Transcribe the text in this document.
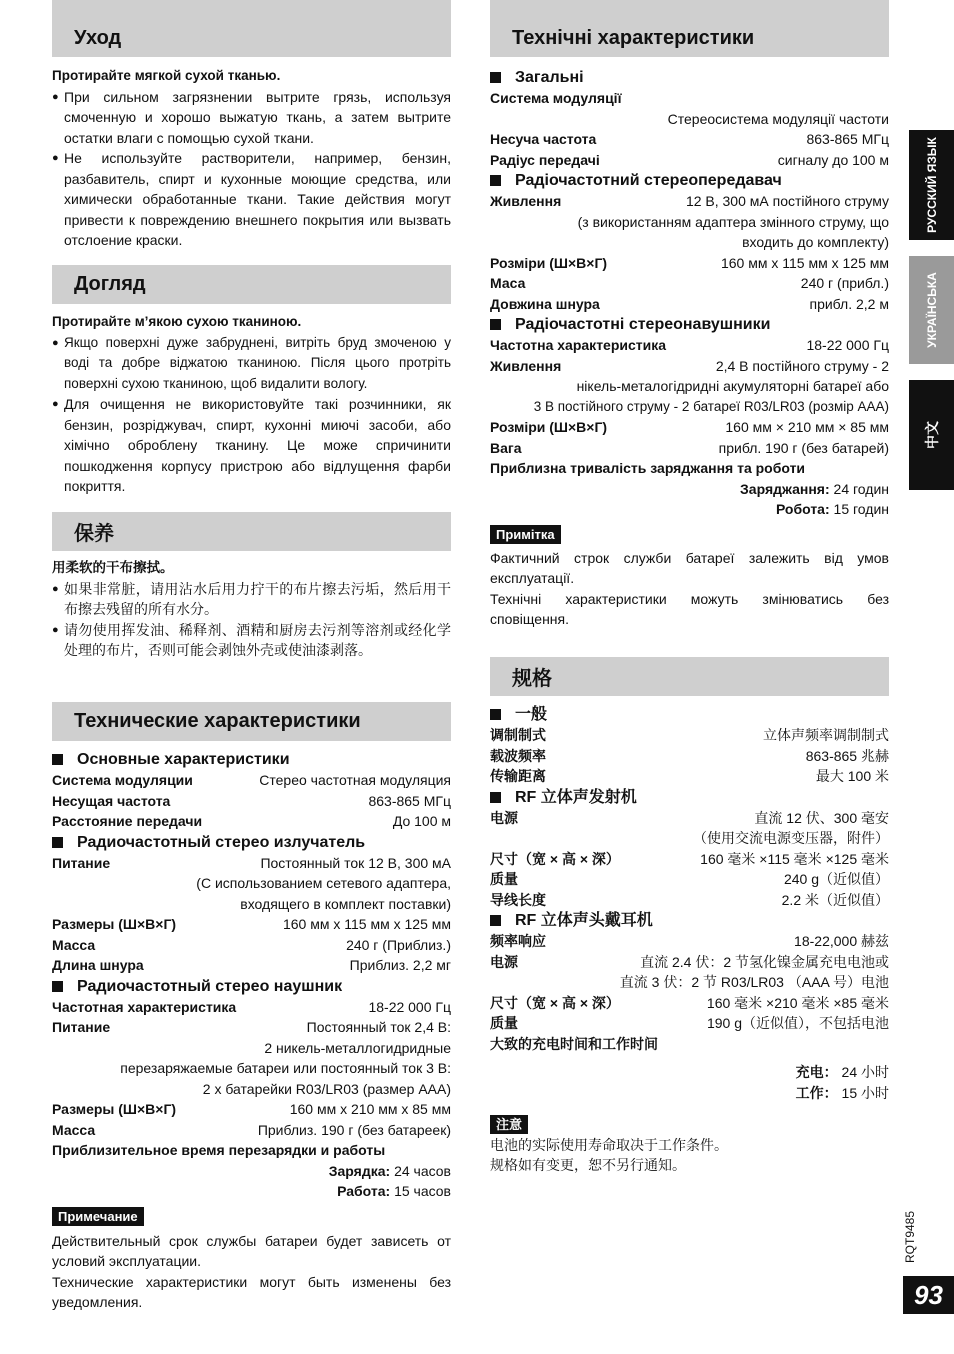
Уход
Протирайте мягкой сухой тканью.
● При сильном загрязнении вытрите грязь, используя смоченную и хорошо выжатую ткань, а затем вытрите остатки влаги с помощью сухой ткани.
● Не используйте растворители, например, бензин, разбавитель, спирт и кухонные моющие средства, или химически обработанные ткани. Такие действия могут привести к повреждению внешнего покрытия или вызвать отслоение краски.
Догляд
Протирайте м’якою сухою тканиною.
● Якщо поверхні дуже забруднені, витріть бруд змоченою у воді та добре віджатою тканиною. Після цього протріть поверхні сухою тканиною, щоб видалити вологу.
● Для очищення не використовуйте такі розчинники, як бензин, розріджувач, спирт, кухонні миючі засоби, або хімічно оброблену тканину. Це може спричинити пошкодження корпусу пристрою або відлущення фарби покриття.
保养
用柔软的干布擦拭。
● 如果非常脏，请用沾水后用力拧干的布片擦去污垢，然后用干布擦去残留的所有水分。
● 请勿使用挥发油、稀释剂、酒精和厨房去污剂等溶剂或经化学处理的布片，否则可能会剥蚀外壳或使油漆剥落。
Технические характеристики
Основные характеристики
Система модуляции	Стерео частотная модуляция
Несущая частота	863-865 МГц
Расстояние передачи	До 100 м
Радиочастотный стерео излучатель
Питание	Постоянный ток 12 В, 300 мА
(С использованием сетевого адаптера,
входящего в комплект поставки)
Размеры (Ш×В×Г)	160 мм x 115 мм x 125 мм
Масса	240 г (Приблиз.)
Длина шнура	Приблиз. 2,2 мг
Радиочастотный стерео наушник
Частотная характеристика	18-22 000 Гц
Питание	Постоянный ток 2,4 В:
2 никель-металлогидридные
перезаряжаемые батареи или постоянный ток 3 В:
2 х батарейки R03/LR03 (размер AAA)
Размеры (Ш×В×Г)	160 мм x 210 мм x 85 мм
Масса	Приблиз. 190 г (без батареек)
Приблизительное время перезарядки и работы
Зарядка: 24 часов
Работа: 15 часов
Примечание
Действительный срок службы батареи будет зависеть от условий эксплуатации.
Технические характеристики могут быть изменены без уведомления.
Технічні характеристики
Загальні
Система модуляції
Стереосистема модуляції частоти
Несуча частота	863-865 МГц
Радіус передачі	сигналу до 100 м
Радіочастотний стереопередавач
Живлення	12 В, 300 мА постійного струму
(з використанням адаптера змінного струму, що
входить до комплекту)
Розміри (Ш×В×Г)	160 мм x 115 мм x 125 мм
Маса	240 г (прибл.)
Довжина шнура	прибл. 2,2 м
Радіочастотні стереонавушники
Частотна характеристика	18-22 000 Гц
Живлення	2,4 В постійного струму - 2
нікель-металогідридні акумуляторні батареї або
3 В постійного струму - 2 батареї R03/LR03 (розмір AAA)
Розміри (Ш×В×Г)	160 мм × 210 мм × 85 мм
Вага	прибл. 190 г (без батарей)
Приблизна тривалість заряджання та роботи
Заряджання: 24 годин
Робота: 15 годин
Примітка
Фактичний строк служби батареї залежить від умов експлуатації.
Технічні характеристики можуть змінюватись без сповіщення.
规格
一般
调制制式	立体声频率调制制式
载波频率	863-865 兆赫
传输距离	最大 100 米
RF 立体声发射机
电源	直流 12 伏、300 毫安
（使用交流电源变压器，附件）
尺寸（宽 × 高 × 深）	160 毫米 ×115 毫米 ×125 毫米
质量	240 g（近似值）
导线长度	2.2 米（近似值）
RF 立体声头戴耳机
频率响应	18-22,000 赫兹
电源	直流 2.4 伏：2 节氢化镍金属充电电池或
直流 3 伏：2 节 R03/LR03 （AAA 号）电池
尺寸（宽 × 高 × 深）	160 毫米 ×210 毫米 ×85 毫米
质量	190 g（近似值），不包括电池
大致的充电时间和工作时间
充电： 24 小时
工作： 15 小时
注意
电池的实际使用寿命取决于工作条件。
规格如有变更，恕不另行通知。
РУССКИЙ ЯЗЫК
УКРАЇНСЬКА
中文
RQT9485
93
